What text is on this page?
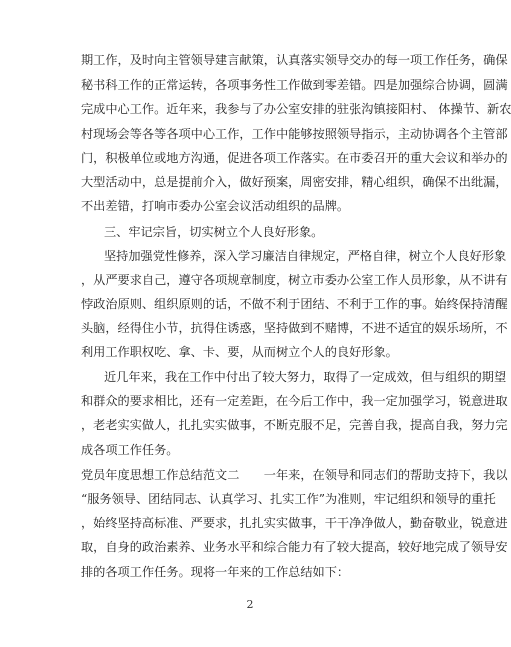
期工作，及时向主管领导建言献策，认真落实领导交办的每一项工作任务，确保
秘书科工作的正常运转，各项事务性工作做到零差错。四是加强综合协调，圆满
完成中心工作。近年来，我参与了办公室安排的驻张沟镇接阳村、 体操节、新农
村现场会等各等各项中心工作，工作中能够按照领导指示，主动协调各个主管部
门，积极单位或地方沟通，促进各项工作落实。在市委召开的重大会议和举办的
大型活动中，总是提前介入，做好预案，周密安排，精心组织，确保不出纰漏，
不出差错，打响市委办公室会议活动组织的品牌。
三、牢记宗旨，切实树立个人良好形象。
坚持加强党性修养，深入学习廉洁自律规定，严格自律，树立个人良好形象
，从严要求自己，遵守各项规章制度，树立市委办公室工作人员形象，从不讲有
悖政治原则、组织原则的话，不做不利于团结、不利于工作的事。始终保持清醒
头脑，经得住小节，抗得住诱惑，坚持做到不赌博，不进不适宜的娱乐场所，不
利用工作职权吃、拿、卡、要，从而树立个人的良好形象。
近几年来，我在工作中付出了较大努力，取得了一定成效，但与组织的期望
和群众的要求相比，还有一定差距，在今后工作中，我一定加强学习，锐意进取
，老老实实做人，扎扎实实做事，不断克服不足，完善自我，提高自我，努力完
成各项工作任务。
党员年度思想工作总结范文二　　一年来，在领导和同志们的帮助支持下，我以
“服务领导、团结同志、认真学习、扎实工作”为准则，牢记组织和领导的重托
，始终坚持高标准、严要求，扎扎实实做事，干干净净做人，勤奋敬业，锐意进
取，自身的政治素养、业务水平和综合能力有了较大提高，较好地完成了领导安
排的各项工作任务。现将一年来的工作总结如下：
2
